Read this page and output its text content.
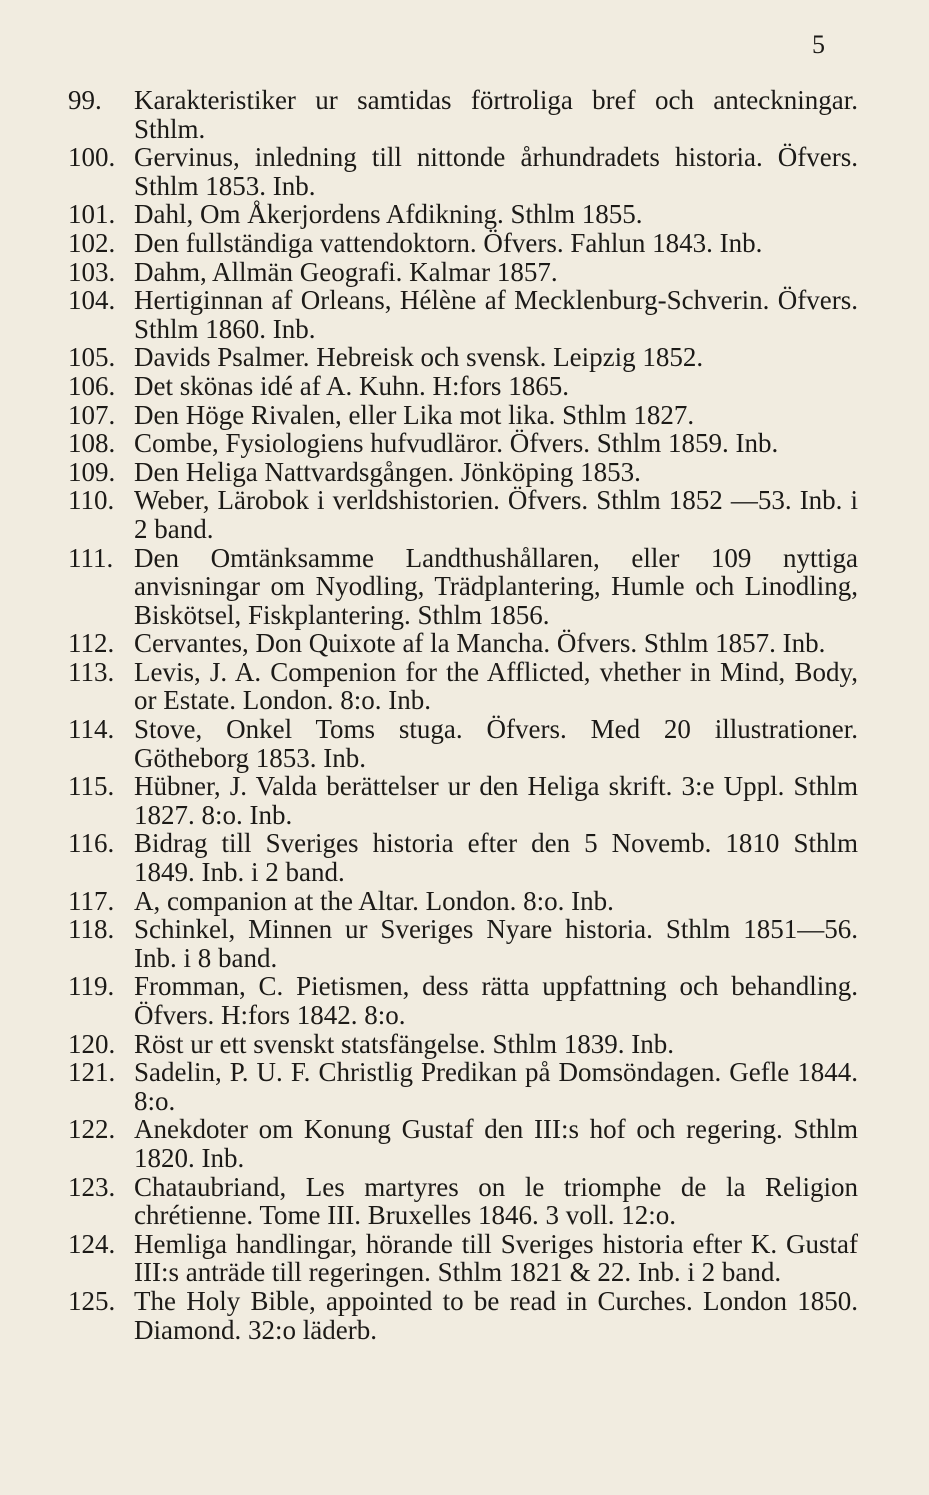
5
99.	Karakteristiker ur samtidas förtroliga bref och anteckningar. Sthlm.
100. Gervinus, inledning till nittonde århundradets historia. Öfvers. Sthlm 1853. Inb.
101. Dahl, Om Åkerjordens Afdikning. Sthlm 1855.
102. Den fullständiga vattendoktorn. Öfvers. Fahlun 1843. Inb.
103. Dahm, Allmän Geografi. Kalmar 1857.
104. Hertiginnan af Orleans, Hélène af Mecklenburg-Schverin. Öfvers. Sthlm 1860. Inb.
105. Davids Psalmer. Hebreisk och svensk. Leipzig 1852.
106. Det skönas idé af A. Kuhn. H:fors 1865.
107. Den Höge Rivalen, eller Lika mot lika. Sthlm 1827.
108. Combe, Fysiologiens hufvudläror. Öfvers. Sthlm 1859. Inb.
109. Den Heliga Nattvardsgången. Jönköping 1853.
110. Weber, Lärobok i verldshistorien. Öfvers. Sthlm 1852 —53. Inb. i 2 band.
111. Den Omtänksamme Landthushållaren, eller 109 nyttiga anvisningar om Nyodling, Trädplantering, Humle och Linodling, Biskötsel, Fiskplantering. Sthlm 1856.
112. Cervantes, Don Quixote af la Mancha. Öfvers. Sthlm 1857. Inb.
113. Levis, J. A. Compenion for the Afflicted, vhether in Mind, Body, or Estate. London. 8:o. Inb.
114. Stove, Onkel Toms stuga. Öfvers. Med 20 illustrationer. Götheborg 1853. Inb.
115. Hübner, J. Valda berättelser ur den Heliga skrift. 3:e Uppl. Sthlm 1827. 8:o. Inb.
116. Bidrag till Sveriges historia efter den 5 Novemb. 1810 Sthlm 1849. Inb. i 2 band.
117. A, companion at the Altar. London. 8:o. Inb.
118. Schinkel, Minnen ur Sveriges Nyare historia. Sthlm 1851—56. Inb. i 8 band.
119. Fromman, C. Pietismen, dess rätta uppfattning och behandling. Öfvers. H:fors 1842. 8:o.
120. Röst ur ett svenskt statsfängelse. Sthlm 1839. Inb.
121. Sadelin, P. U. F. Christlig Predikan på Domsöndagen. Gefle 1844. 8:o.
122. Anekdoter om Konung Gustaf den III:s hof och regering. Sthlm 1820. Inb.
123. Chataubriand, Les martyres on le triomphe de la Religion chrétienne. Tome III. Bruxelles 1846. 3 voll. 12:o.
124. Hemliga handlingar, hörande till Sveriges historia efter K. Gustaf III:s anträde till regeringen. Sthlm 1821 & 22. Inb. i 2 band.
125. The Holy Bible, appointed to be read in Curches. London 1850. Diamond. 32:o läderb.
